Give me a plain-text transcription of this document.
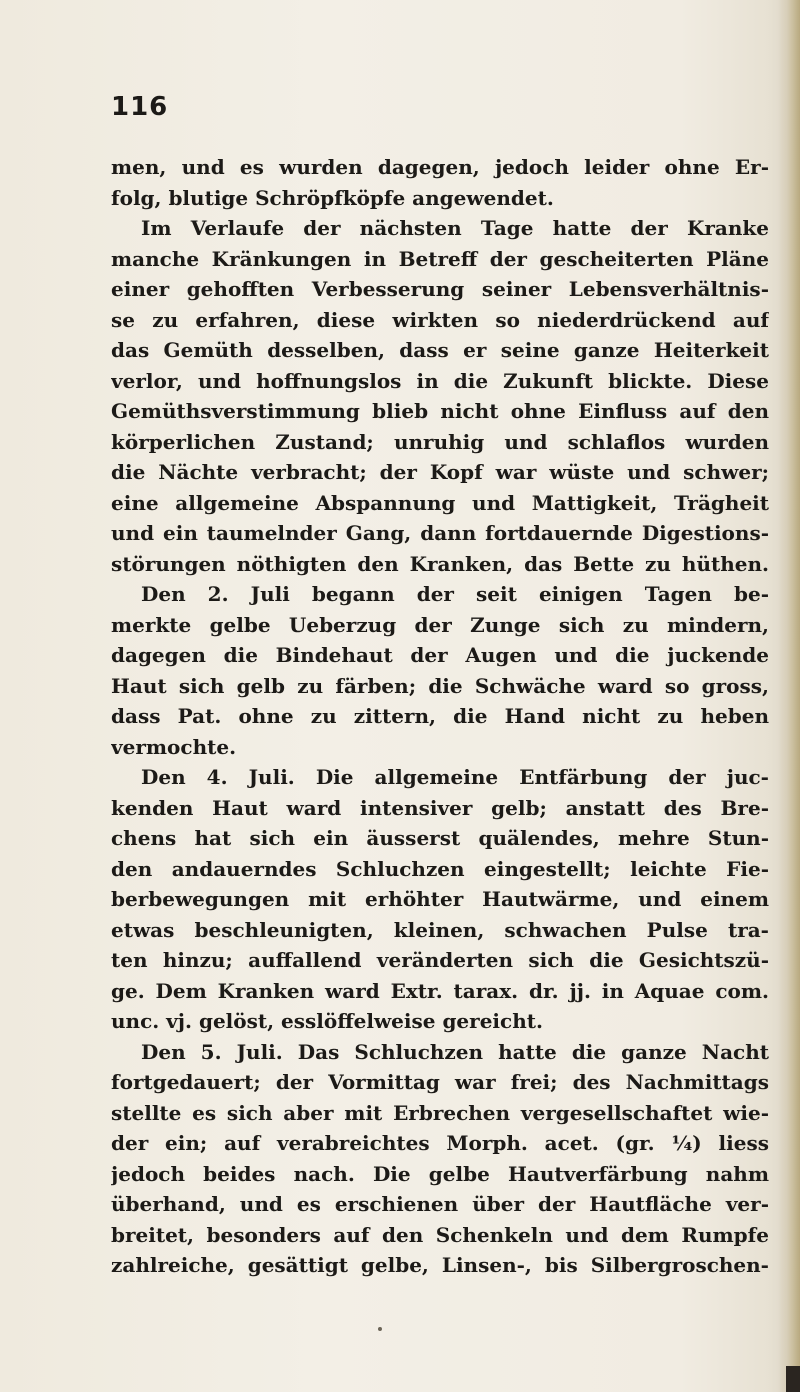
116
men, und es wurden dagegen, jedoch leider ohne Er-
folg, blutige Schröpfköpfe angewendet.
Im Verlaufe der nächsten Tage hatte der Kranke
manche Kränkungen in Betreff der gescheiterten Pläne
einer gehofften Verbesserung seiner Lebensverhältnis-
se zu erfahren, diese wirkten so niederdrückend auf
das Gemüth desselben, dass er seine ganze Heiterkeit
verlor, und hoffnungslos in die Zukunft blickte. Diese
Gemüthsverstimmung blieb nicht ohne Einfluss auf den
körperlichen Zustand; unruhig und schlaflos wurden
die Nächte verbracht; der Kopf war wüste und schwer;
eine allgemeine Abspannung und Mattigkeit, Trägheit
und ein taumelnder Gang, dann fortdauernde Digestions-
störungen nöthigten den Kranken, das Bette zu hüthen.
Den 2. Juli begann der seit einigen Tagen be-
merkte gelbe Ueberzug der Zunge sich zu mindern,
dagegen die Bindehaut der Augen und die juckende
Haut sich gelb zu färben; die Schwäche ward so gross,
dass Pat. ohne zu zittern, die Hand nicht zu heben
vermochte.
Den 4. Juli. Die allgemeine Entfärbung der juc-
kenden Haut ward intensiver gelb; anstatt des Bre-
chens hat sich ein äusserst quälendes, mehre Stun-
den andauerndes Schluchzen eingestellt; leichte Fie-
berbewegungen mit erhöhter Hautwärme, und einem
etwas beschleunigten, kleinen, schwachen Pulse tra-
ten hinzu; auffallend veränderten sich die Gesichtszü-
ge. Dem Kranken ward Extr. tarax. dr. jj. in Aquae com.
unc. vj. gelöst, esslöffelweise gereicht.
Den 5. Juli. Das Schluchzen hatte die ganze Nacht
fortgedauert; der Vormittag war frei; des Nachmittags
stellte es sich aber mit Erbrechen vergesellschaftet wie-
der ein; auf verabreichtes Morph. acet. (gr. ¼) liess
jedoch beides nach. Die gelbe Hautverfärbung nahm
überhand, und es erschienen über der Hautfläche ver-
breitet, besonders auf den Schenkeln und dem Rumpfe
zahlreiche, gesättigt gelbe, Linsen-, bis Silbergroschen-
